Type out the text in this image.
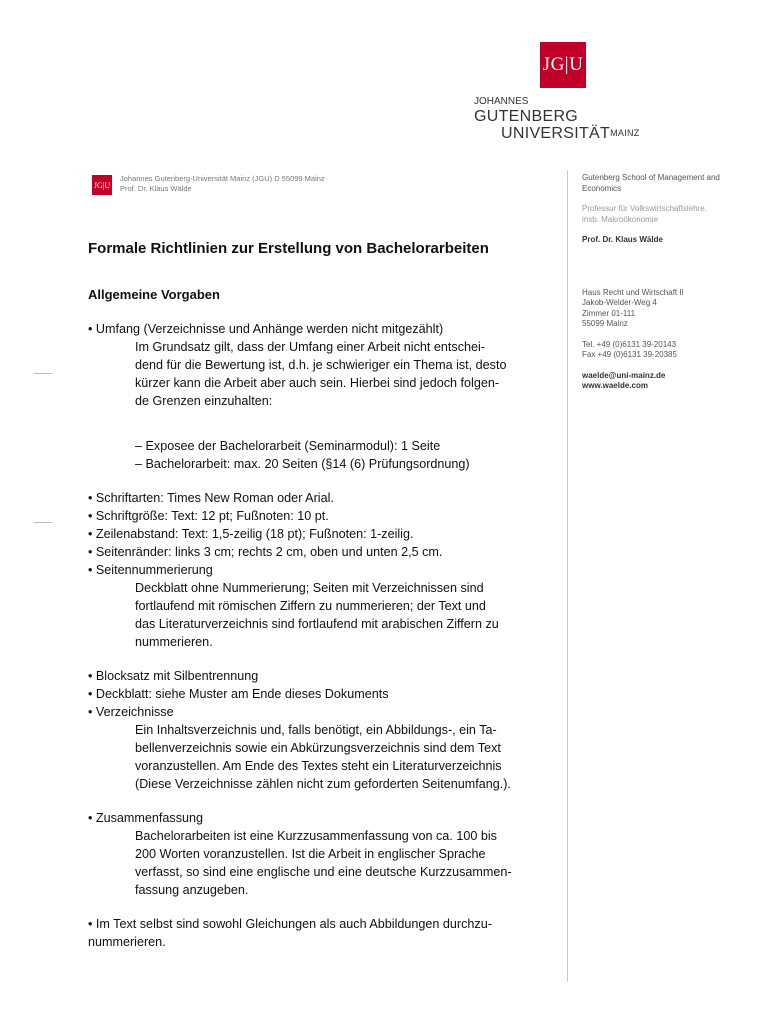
JG|U
JOHANNES GUTENBERG
$UNIVERSITÄT^{MAINZ}$
JG|U
Johannes Gutenberg-Universität Mainz (JGU) D 55099 Mainz
Prof. Dr. Klaus Wälde
Gutenberg School of Management and Economics
Professur für Volkswirtschaftslehre,
insb. Makroökonomie
Prof. Dr. Klaus Wälde
Haus Recht und Wirtschaft II
Jakob-Welder-Weg 4
Zimmer 01-111
55099 Mainz
Tel. +49 (0)6131 39-20143
Fax +49 (0)6131 39-20385
waelde@uni-mainz.de
www.waelde.com
Formale Richtlinien zur Erstellung von Bachelorarbeiten
Allgemeine Vorgaben
• Umfang (Verzeichnisse und Anhänge werden nicht mitgezählt)
Im Grundsatz gilt, dass der Umfang einer Arbeit nicht entschei-
dend für die Bewertung ist, d.h. je schwieriger ein Thema ist, desto
kürzer kann die Arbeit aber auch sein. Hierbei sind jedoch folgen-
de Grenzen einzuhalten:
– Exposee der Bachelorarbeit (Seminarmodul): 1 Seite
– Bachelorarbeit: max. 20 Seiten (§14 (6) Prüfungsordnung)
• Schriftarten: Times New Roman oder Arial.
• Schriftgröße: Text: 12 pt; Fußnoten: 10 pt.
• Zeilenabstand: Text: 1,5-zeilig (18 pt); Fußnoten: 1-zeilig.
• Seitenränder: links 3 cm; rechts 2 cm, oben und unten 2,5 cm.
• Seitennummerierung
Deckblatt ohne Nummerierung; Seiten mit Verzeichnissen sind
fortlaufend mit römischen Ziffern zu nummerieren; der Text und
das Literaturverzeichnis sind fortlaufend mit arabischen Ziffern zu
nummerieren.
• Blocksatz mit Silbentrennung
• Deckblatt: siehe Muster am Ende dieses Dokuments
• Verzeichnisse
Ein Inhaltsverzeichnis und, falls benötigt, ein Abbildungs-, ein Ta-
bellenverzeichnis sowie ein Abkürzungsverzeichnis sind dem Text
voranzustellen. Am Ende des Textes steht ein Literaturverzeichnis
(Diese Verzeichnisse zählen nicht zum geforderten Seitenumfang.).
• Zusammenfassung
Bachelorarbeiten ist eine Kurzzusammenfassung von ca. 100 bis
200 Worten voranzustellen. Ist die Arbeit in englischer Sprache
verfasst, so sind eine englische und eine deutsche Kurzzusammen-
fassung anzugeben.
• Im Text selbst sind sowohl Gleichungen als auch Abbildungen durchzu-
nummerieren.
